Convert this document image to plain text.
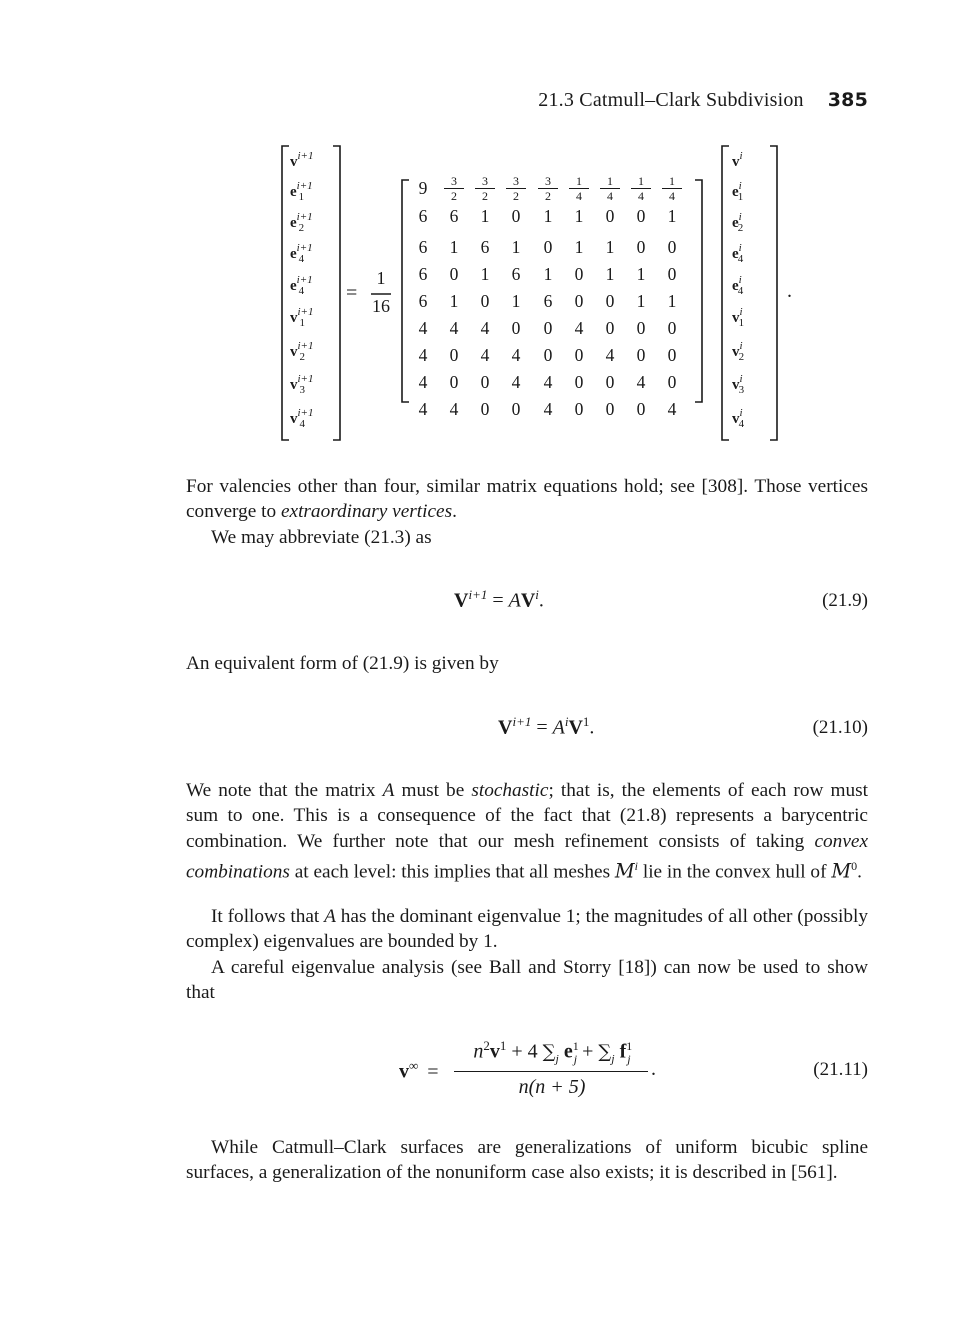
21.3 Catmull–Clark Subdivision 385
$v^{i+1}$
$e^{i+1}_1$
$e^{i+1}_2$
$e^{i+1}_4$
$e^{i+1}_4$
$v^{i+1}_1$
$v^{i+1}_2$
$v^{i+1}_3$
$v^{i+1}_4$
=
1
16
9	$\frac{3}{2} \frac{3}{2} \frac{3}{2} \frac{3}{2} \frac{1}{4} \frac{1}{4} \frac{1}{4} \frac{1}{4}$
6	6	1	0	1	1	0	0	1
6	1	6	1	0	1	1	0	0
6	0	1	6	1	0	1	1	0
6	1	0	1	6	0	0	1	1
4	4	4	0	0	4	0	0	0
4	0	4	4	0	0	4	0	0
4	0	0	4	4	0	0	4	0
4	4	0	0	4	0	0	0	4
$v^i$
$e^i_1$
$e^i_2$
$e^i_4$
$e^i_4$
$v^i_1$
$v^i_2$
$v^i_3$
$v^i_4$
.
For valencies other than four, similar matrix equations hold; see [308]. Those vertices converge to extraordinary vertices.
We may abbreviate (21.3) as
$V^{i+1} = AV^i$.	(21.9)
An equivalent form of (21.9) is given by
$V^{i+1} = A^iV^1$.	(21.10)
We note that the matrix A must be stochastic; that is, the elements of each row must sum to one. This is a consequence of the fact that (21.8) represents a barycentric combination. We further note that our mesh refinement consists of taking convex combinations at each level: this implies that all meshes $M^i$ lie in the convex hull of $M^0$.
It follows that A has the dominant eigenvalue 1; the magnitudes of all other (possibly complex) eigenvalues are bounded by 1.
A careful eigenvalue analysis (see Ball and Storry [18]) can now be used to show that
v∞ =
$n^2v^1 + 4$ $\sum_j$ $e^1_j + \sum_j$ $f^1_j$
n(n + 5)
.	(21.11)
While Catmull–Clark surfaces are generalizations of uniform bicubic spline surfaces, a generalization of the nonuniform case also exists; it is described in [561].
